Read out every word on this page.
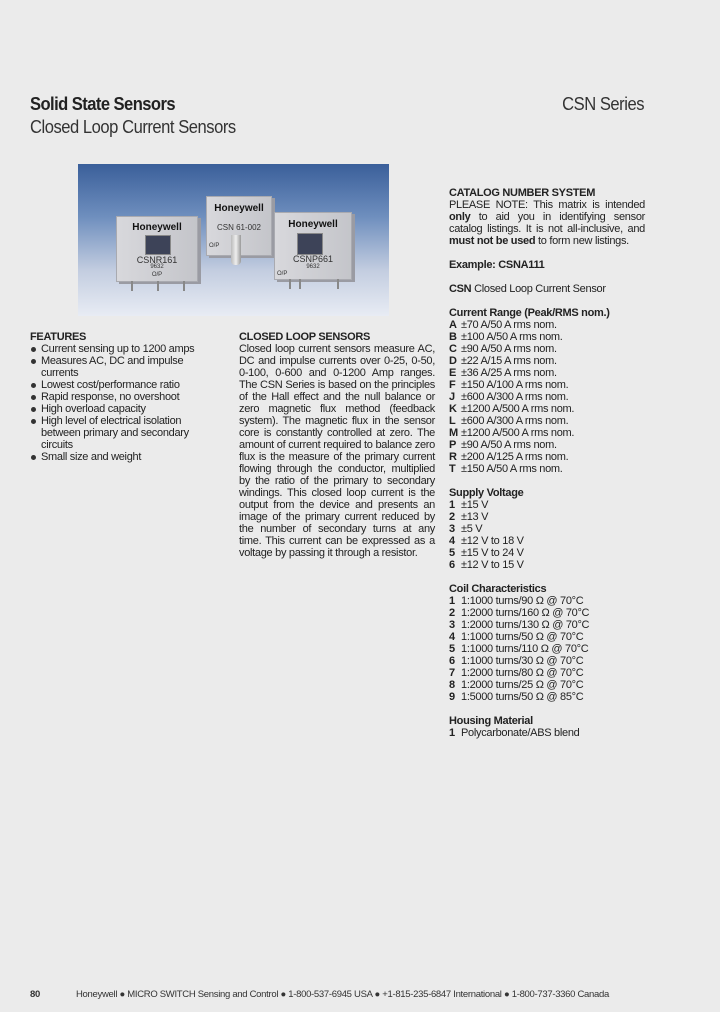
Solid State Sensors
Closed Loop Current Sensors
CSN Series
Honeywell
CSNR161
9632
O/P
Honeywell
CSN 61-002
O/P
Honeywell
CSNP661
9632
O/P
FEATURES
Current sensing up to 1200 amps
Measures AC, DC and impulse currents
Lowest cost/performance ratio
Rapid response, no overshoot
High overload capacity
High level of electrical isolation between primary and secondary circuits
Small size and weight
CLOSED LOOP SENSORS
Closed loop current sensors measure AC, DC and impulse currents over 0-25, 0-50, 0-100, 0-600 and 0-1200 Amp ranges. The CSN Series is based on the principles of the Hall effect and the null balance or zero magnetic flux method (feedback system). The magnetic flux in the sensor core is constantly controlled at zero. The amount of current required to balance zero flux is the measure of the primary current flowing through the conductor, multiplied by the ratio of the primary to secondary windings. This closed loop current is the output from the device and presents an image of the primary current reduced by the number of secondary turns at any time. This current can be expressed as a voltage by passing it through a resistor.
CATALOG NUMBER SYSTEM
PLEASE NOTE: This matrix is intended only to aid you in identifying sensor catalog listings. It is not all-inclusive, and must not be used to form new listings.
Example: CSNA111
CSN Closed Loop Current Sensor
Current Range (Peak/RMS nom.)
A ±70 A/50 A rms nom.
B ±100 A/50 A rms nom.
C ±90 A/50 A rms nom.
D ±22 A/15 A rms nom.
E ±36 A/25 A rms nom.
F ±150 A/100 A rms nom.
J ±600 A/300 A rms nom.
K ±1200 A/500 A rms nom.
L ±600 A/300 A rms nom.
M ±1200 A/500 A rms nom.
P ±90 A/50 A rms nom.
R ±200 A/125 A rms nom.
T ±150 A/50 A rms nom.
Supply Voltage
1 ±15 V
2 ±13 V
3 ±5 V
4 ±12 V to 18 V
5 ±15 V to 24 V
6 ±12 V to 15 V
Coil Characteristics
1 1:1000 turns/90 Ω @ 70°C
2 1:2000 turns/160 Ω @ 70°C
3 1:2000 turns/130 Ω @ 70°C
4 1:1000 turns/50 Ω @ 70°C
5 1:1000 turns/110 Ω @ 70°C
6 1:1000 turns/30 Ω @ 70°C
7 1:2000 turns/80 Ω @ 70°C
8 1:2000 turns/25 Ω @ 70°C
9 1:5000 turns/50 Ω @ 85°C
Housing Material
1 Polycarbonate/ABS blend
80	Honeywell ● MICRO SWITCH Sensing and Control ● 1-800-537-6945 USA ● +1-815-235-6847 International ● 1-800-737-3360 Canada
